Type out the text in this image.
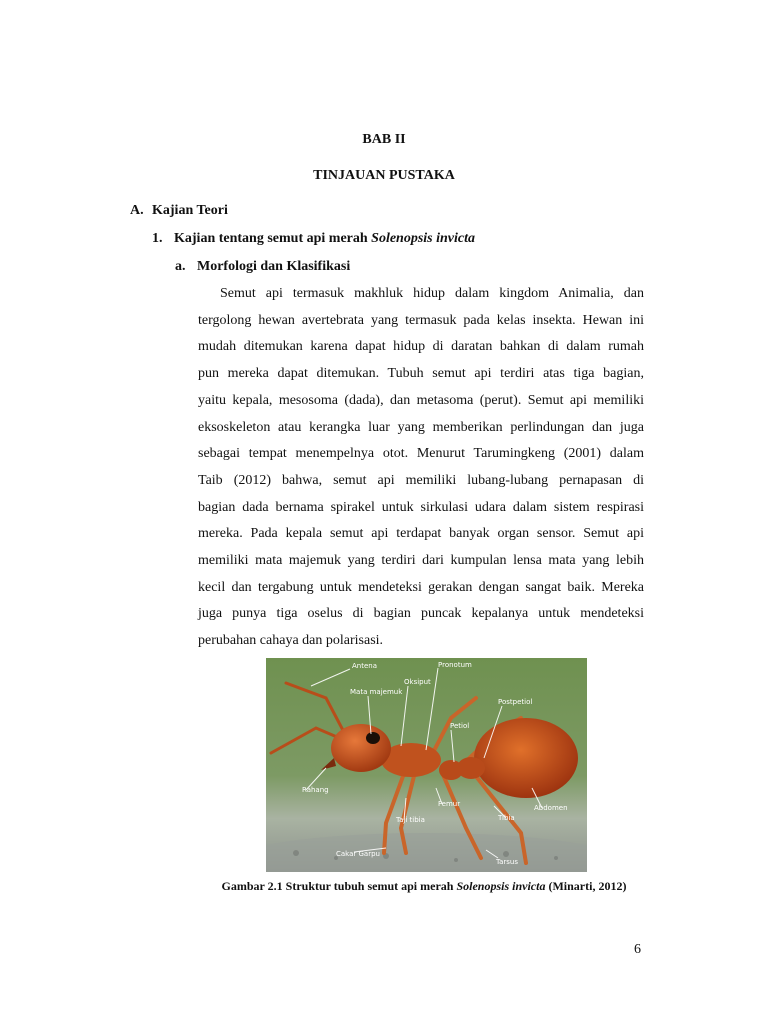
BAB II
TINJAUAN PUSTAKA
A. Kajian Teori
1. Kajian tentang semut api merah Solenopsis invicta
a. Morfologi dan Klasifikasi
Semut api termasuk makhluk hidup dalam kingdom Animalia, dan
tergolong hewan avertebrata yang termasuk pada kelas insekta. Hewan ini
mudah ditemukan karena dapat hidup di daratan bahkan di dalam rumah
pun mereka dapat ditemukan. Tubuh semut api terdiri atas tiga bagian,
yaitu kepala, mesosoma (dada), dan metasoma (perut). Semut api memiliki
eksoskeleton atau kerangka luar yang memberikan perlindungan dan juga
sebagai tempat menempelnya otot. Menurut Tarumingkeng (2001) dalam
Taib (2012) bahwa, semut api memiliki lubang-lubang pernapasan di
bagian dada bernama spirakel untuk sirkulasi udara dalam sistem respirasi
mereka. Pada kepala semut api terdapat banyak organ sensor. Semut api
memiliki mata majemuk yang terdiri dari kumpulan lensa mata yang lebih
kecil dan tergabung untuk mendeteksi gerakan dengan sangat baik. Mereka
juga punya tiga oselus di bagian puncak kepalanya untuk mendeteksi
perubahan cahaya dan polarisasi.
Antena	Pronotum
Oksiput
Mata majemuk
Postpetiol
Petiol
Rahang
Femur	Abdomen
Taji tibia	Tibia
Cakar Garpu
Tarsus
Gambar 2.1 Struktur tubuh semut api merah Solenopsis invicta (Minarti, 2012)
6
